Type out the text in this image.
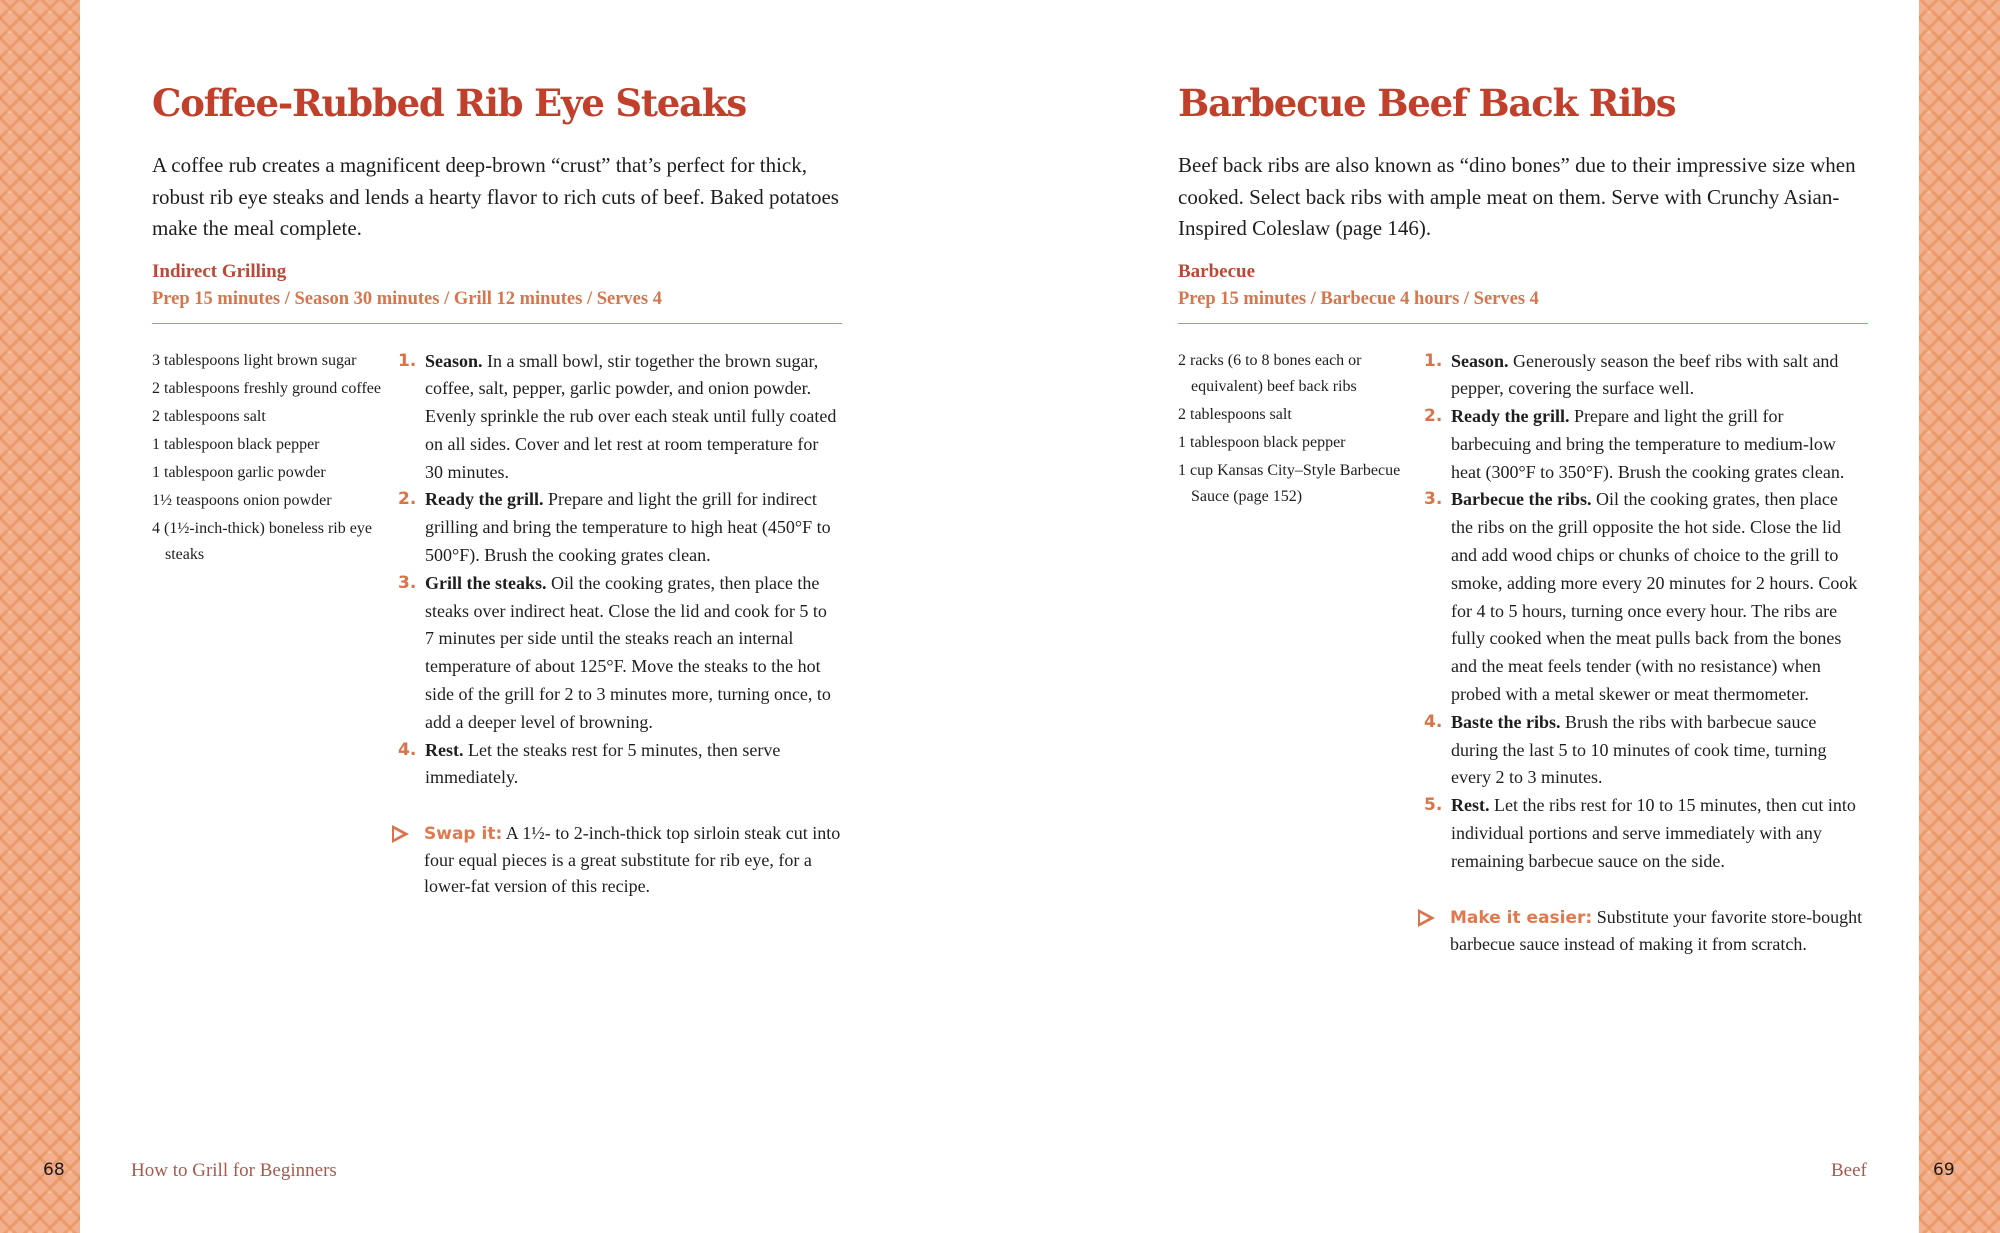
Coffee-Rubbed Rib Eye Steaks

A coffee rub creates a magnificent deep-brown “crust” that’s perfect for thick, robust rib eye steaks and lends a hearty flavor to rich cuts of beef. Baked potatoes make the meal complete.

Indirect Grilling
Prep 15 minutes / Season 30 minutes / Grill 12 minutes / Serves 4
3 tablespoons light brown sugar
2 tablespoons freshly ground coffee
2 tablespoons salt
1 tablespoon black pepper
1 tablespoon garlic powder
1½ teaspoons onion powder
4 (1½-inch-thick) boneless rib eye steaks
1. Season. In a small bowl, stir together the brown sugar, coffee, salt, pepper, garlic powder, and onion powder. Evenly sprinkle the rub over each steak until fully coated on all sides. Cover and let rest at room temperature for 30 minutes.
2. Ready the grill. Prepare and light the grill for indirect grilling and bring the temperature to high heat (450°F to 500°F). Brush the cooking grates clean.
3. Grill the steaks. Oil the cooking grates, then place the steaks over indirect heat. Close the lid and cook for 5 to 7 minutes per side until the steaks reach an internal temperature of about 125°F. Move the steaks to the hot side of the grill for 2 to 3 minutes more, turning once, to add a deeper level of browning.
4. Rest. Let the steaks rest for 5 minutes, then serve immediately.
Swap it: A 1½- to 2-inch-thick top sirloin steak cut into four equal pieces is a great substitute for rib eye, for a lower-fat version of this recipe.
68	How to Grill for Beginners
Barbecue Beef Back Ribs

Beef back ribs are also known as “dino bones” due to their impressive size when cooked. Select back ribs with ample meat on them. Serve with Crunchy Asian-Inspired Coleslaw (page 146).

Barbecue
Prep 15 minutes / Barbecue 4 hours / Serves 4
2 racks (6 to 8 bones each or equivalent) beef back ribs
2 tablespoons salt
1 tablespoon black pepper
1 cup Kansas City–Style Barbecue Sauce (page 152)
1. Season. Generously season the beef ribs with salt and pepper, covering the surface well.
2. Ready the grill. Prepare and light the grill for barbecuing and bring the temperature to medium-low heat (300°F to 350°F). Brush the cooking grates clean.
3. Barbecue the ribs. Oil the cooking grates, then place the ribs on the grill opposite the hot side. Close the lid and add wood chips or chunks of choice to the grill to smoke, adding more every 20 minutes for 2 hours. Cook for 4 to 5 hours, turning once every hour. The ribs are fully cooked when the meat pulls back from the bones and the meat feels tender (with no resistance) when probed with a metal skewer or meat thermometer.
4. Baste the ribs. Brush the ribs with barbecue sauce during the last 5 to 10 minutes of cook time, turning every 2 to 3 minutes.
5. Rest. Let the ribs rest for 10 to 15 minutes, then cut into individual portions and serve immediately with any remaining barbecue sauce on the side.
Make it easier: Substitute your favorite store-bought barbecue sauce instead of making it from scratch.
Beef	69
